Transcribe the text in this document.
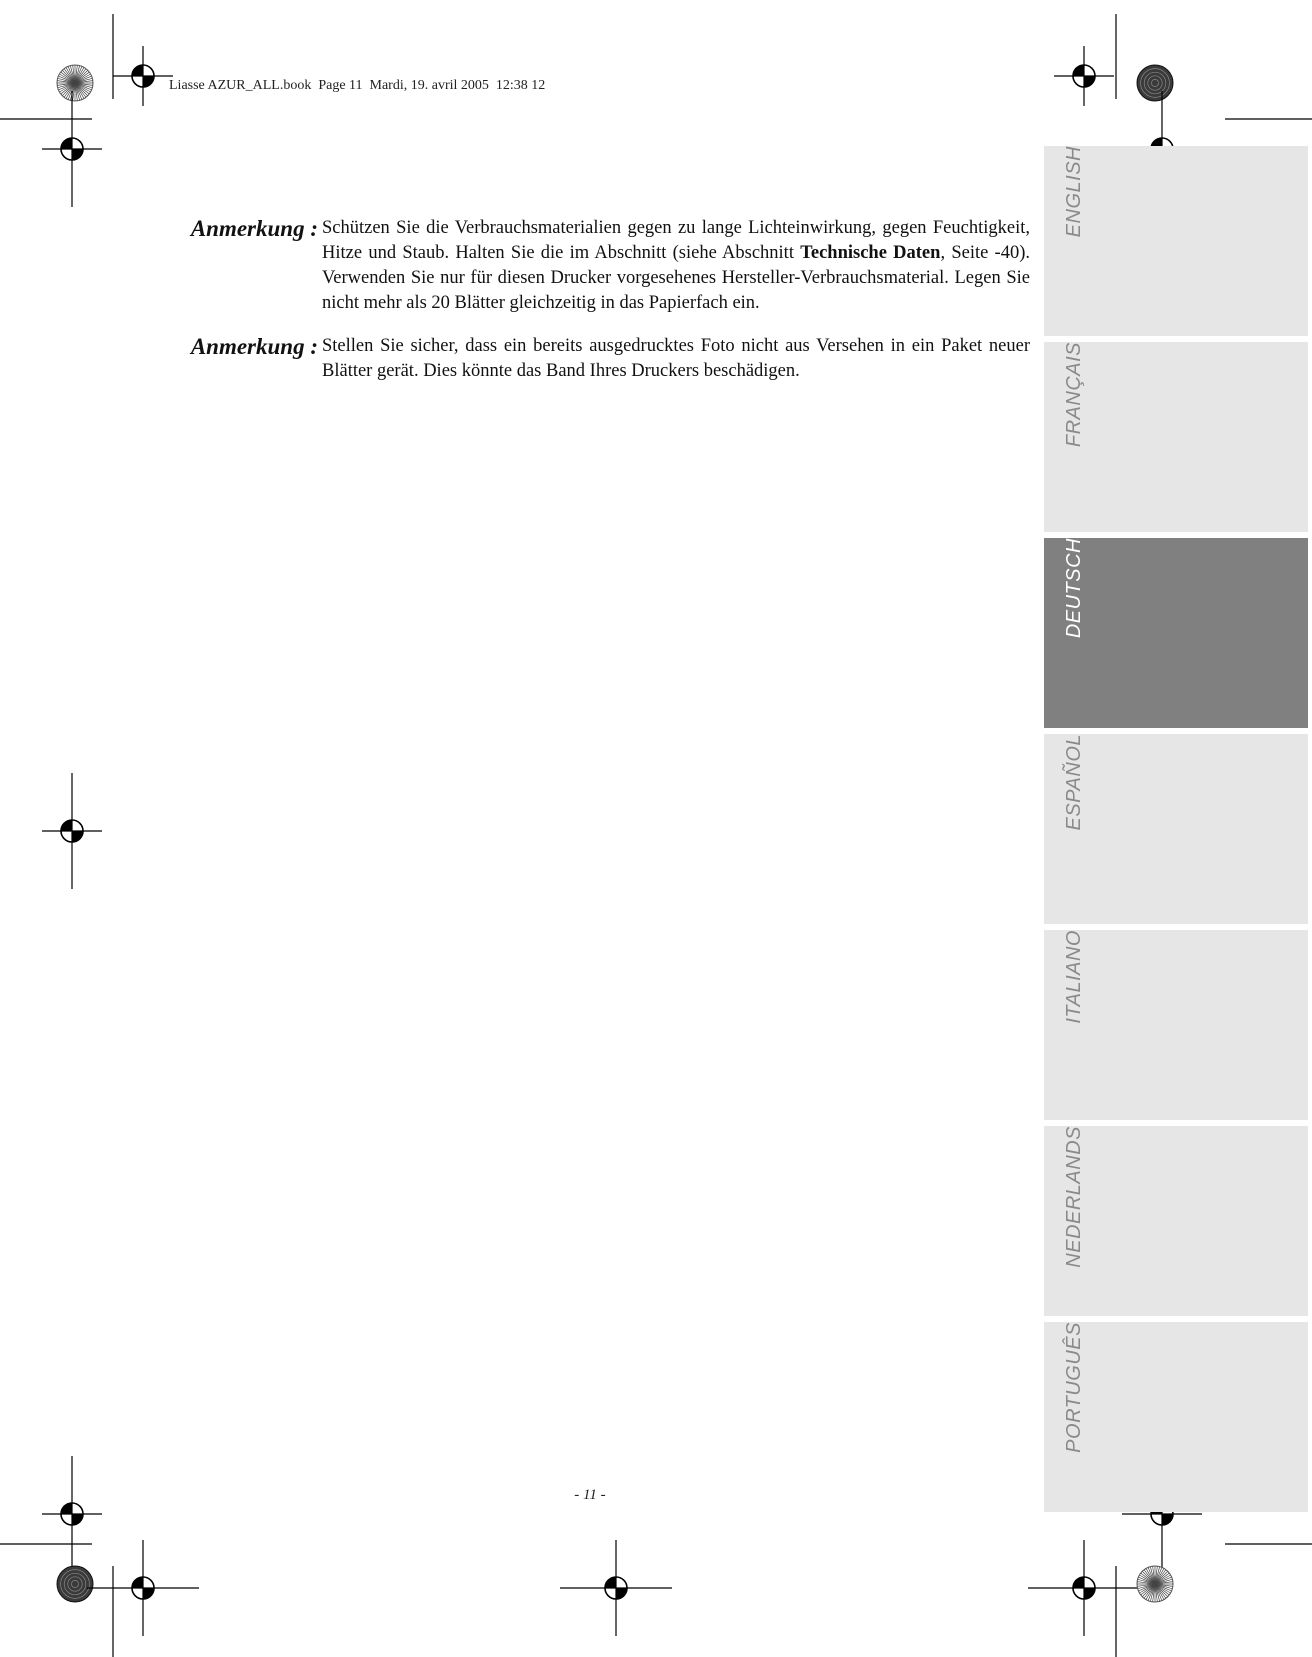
Liasse AZUR_ALL.book  Page 11  Mardi, 19. avril 2005  12:38 12
ENGLISH
FRANÇAIS
DEUTSCH
ESPAÑOL
ITALIANO
NEDERLANDS
PORTUGUÊS
Anmerkung : Schützen Sie die Verbrauchsmaterialien gegen zu lange Lichteinwirkung, gegen Feuchtigkeit, Hitze und Staub. Halten Sie die im Abschnitt (siehe Abschnitt Technische Daten, Seite -40). Verwenden Sie nur für diesen Drucker vorgesehenes Hersteller-Verbrauchsmaterial. Legen Sie nicht mehr als 20 Blätter gleichzeitig in das Papierfach ein.
Anmerkung : Stellen Sie sicher, dass ein bereits ausgedrucktes Foto nicht aus Versehen in ein Paket neuer Blätter gerät. Dies könnte das Band Ihres Druckers beschädigen.
- 11 -
